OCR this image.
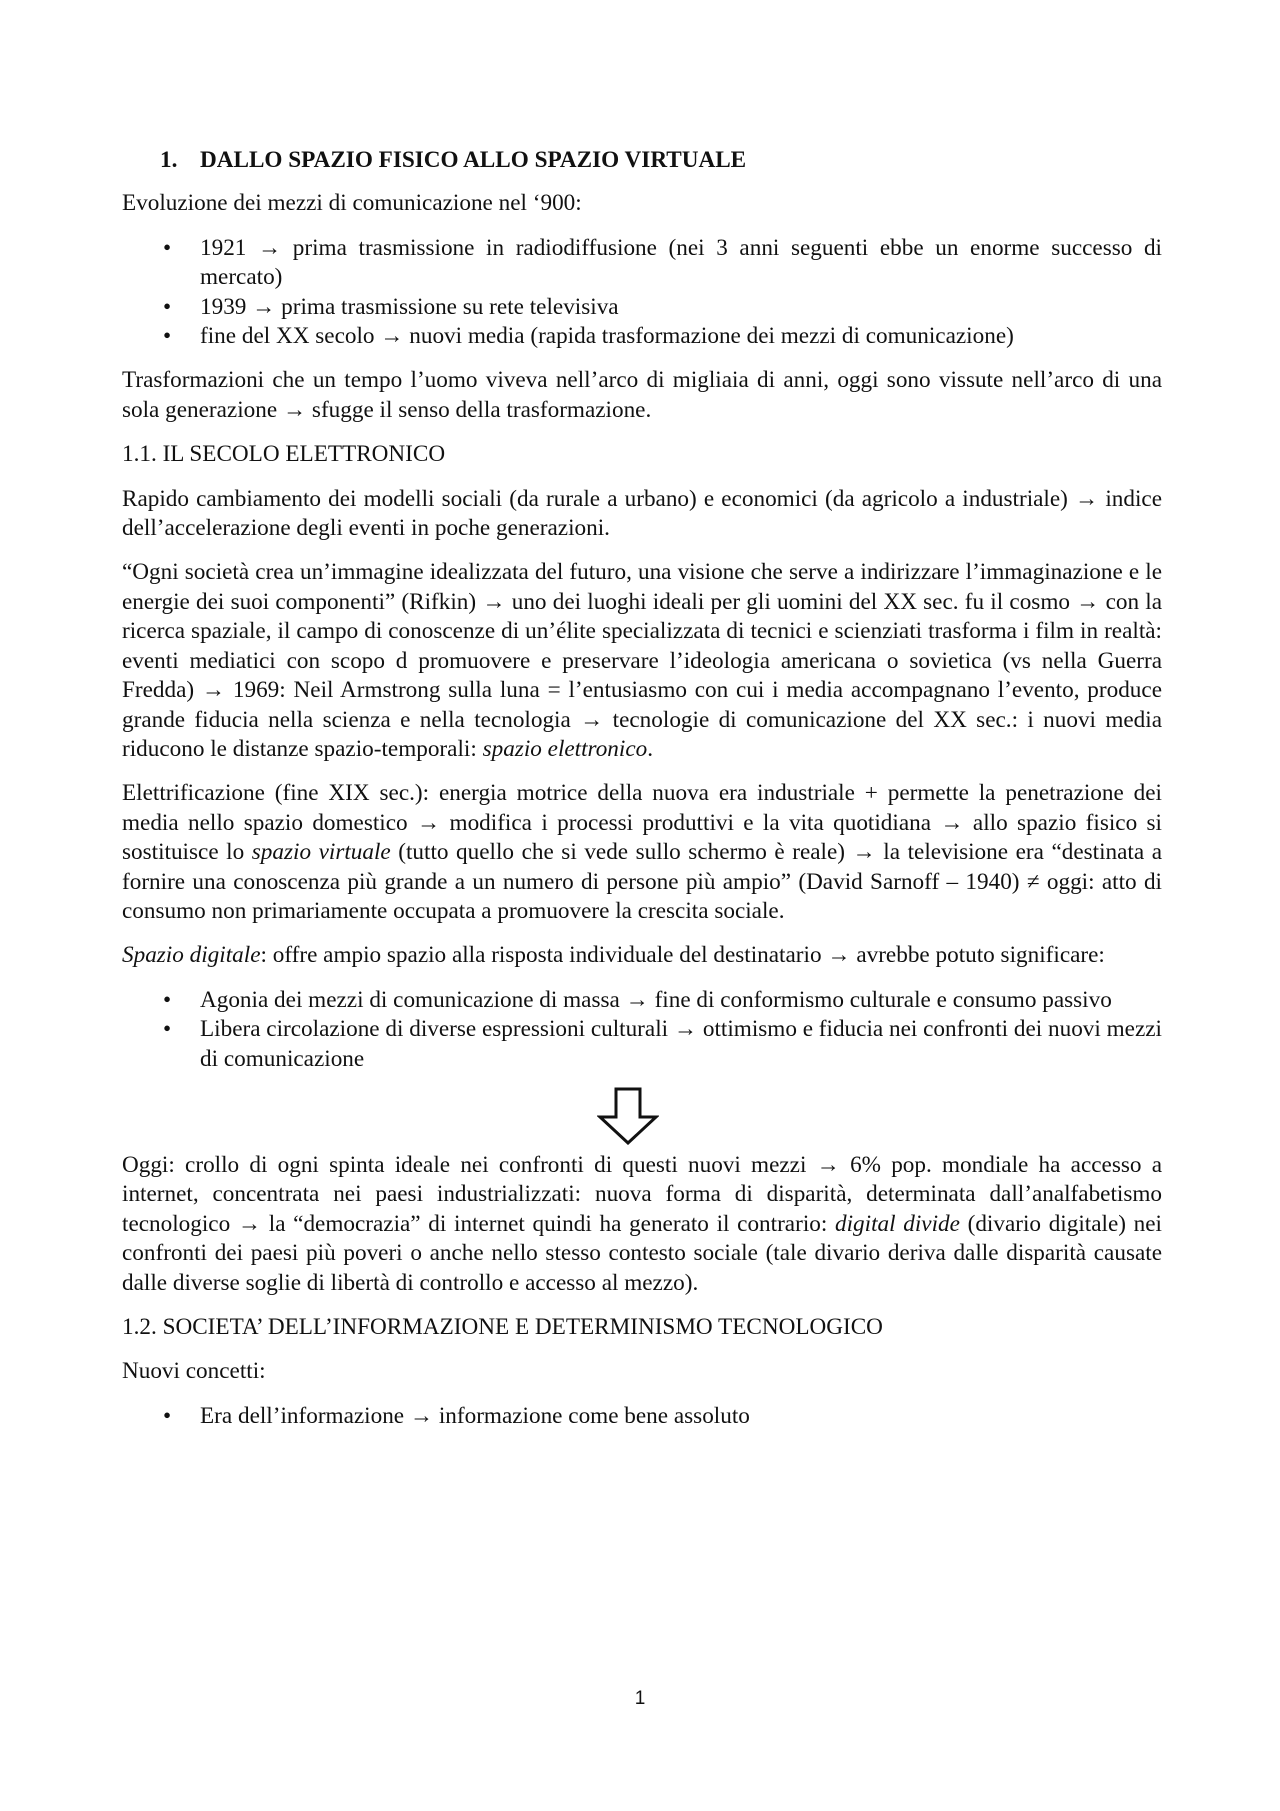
1. DALLO SPAZIO FISICO ALLO SPAZIO VIRTUALE

Evoluzione dei mezzi di comunicazione nel ‘900:

• 1921 → prima trasmissione in radiodiffusione (nei 3 anni seguenti ebbe un enorme successo di mercato)
• 1939 → prima trasmissione su rete televisiva
• fine del XX secolo → nuovi media (rapida trasformazione dei mezzi di comunicazione)

Trasformazioni che un tempo l’uomo viveva nell’arco di migliaia di anni, oggi sono vissute nell’arco di una sola generazione → sfugge il senso della trasformazione.

1.1. IL SECOLO ELETTRONICO

Rapido cambiamento dei modelli sociali (da rurale a urbano) e economici (da agricolo a industriale) → indice dell’accelerazione degli eventi in poche generazioni.

“Ogni società crea un’immagine idealizzata del futuro, una visione che serve a indirizzare l’immaginazione e le energie dei suoi componenti” (Rifkin) → uno dei luoghi ideali per gli uomini del XX sec. fu il cosmo → con la ricerca spaziale, il campo di conoscenze di un’élite specializzata di tecnici e scienziati trasforma i film in realtà: eventi mediatici con scopo d promuovere e preservare l’ideologia americana o sovietica (vs nella Guerra Fredda) → 1969: Neil Armstrong sulla luna = l’entusiasmo con cui i media accompagnano l’evento, produce grande fiducia nella scienza e nella tecnologia → tecnologie di comunicazione del XX sec.: i nuovi media riducono le distanze spazio-temporali: spazio elettronico.

Elettrificazione (fine XIX sec.): energia motrice della nuova era industriale + permette la penetrazione dei media nello spazio domestico → modifica i processi produttivi e la vita quotidiana → allo spazio fisico si sostituisce lo spazio virtuale (tutto quello che si vede sullo schermo è reale) → la televisione era “destinata a fornire una conoscenza più grande a un numero di persone più ampio” (David Sarnoff – 1940) ≠ oggi: atto di consumo non primariamente occupata a promuovere la crescita sociale.

Spazio digitale: offre ampio spazio alla risposta individuale del destinatario → avrebbe potuto significare:

• Agonia dei mezzi di comunicazione di massa → fine di conformismo culturale e consumo passivo
• Libera circolazione di diverse espressioni culturali → ottimismo e fiducia nei confronti dei nuovi mezzi di comunicazione

Oggi: crollo di ogni spinta ideale nei confronti di questi nuovi mezzi → 6% pop. mondiale ha accesso a internet, concentrata nei paesi industrializzati: nuova forma di disparità, determinata dall’analfabetismo tecnologico → la “democrazia” di internet quindi ha generato il contrario: digital divide (divario digitale) nei confronti dei paesi più poveri o anche nello stesso contesto sociale (tale divario deriva dalle disparità causate dalle diverse soglie di libertà di controllo e accesso al mezzo).

1.2. SOCIETA’ DELL’INFORMAZIONE E DETERMINISMO TECNOLOGICO

Nuovi concetti:

• Era dell’informazione → informazione come bene assoluto
1
